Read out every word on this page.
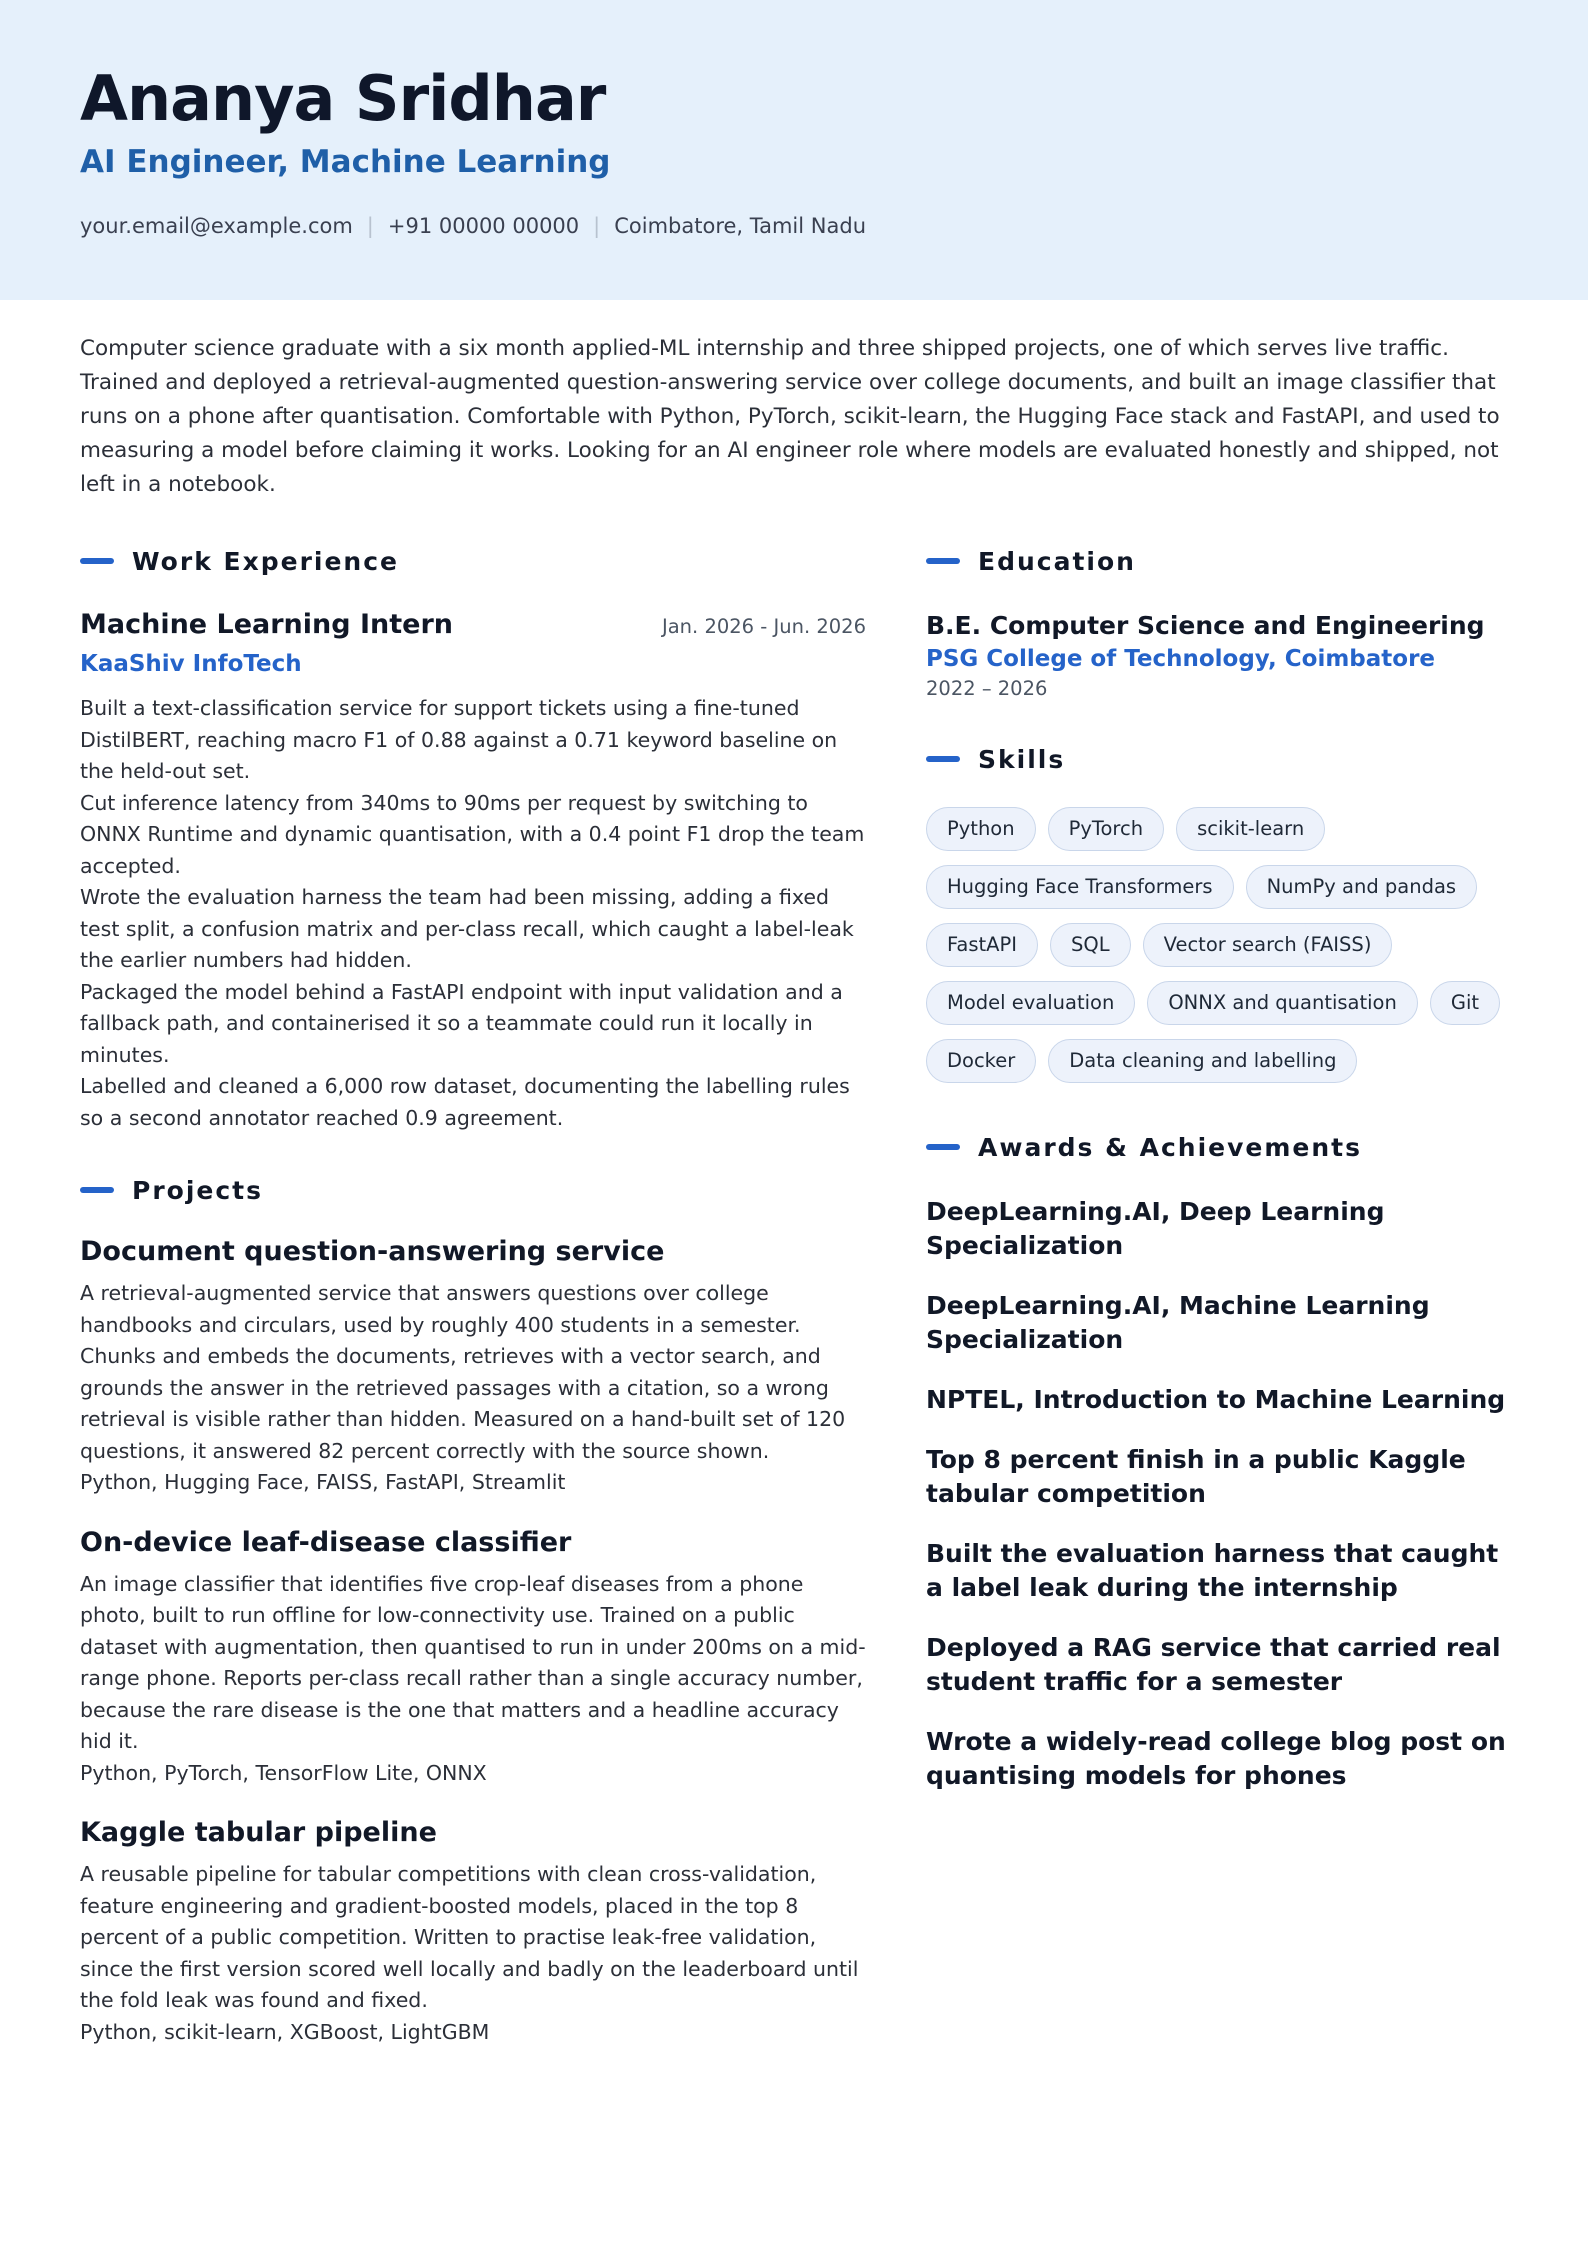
Ananya Sridhar
AI Engineer, Machine Learning
your.email@example.com | +91 00000 00000 | Coimbatore, Tamil Nadu

Computer science graduate with a six month applied-ML internship and three shipped projects, one of which serves live traffic. Trained and deployed a retrieval-augmented question-answering service over college documents, and built an image classifier that runs on a phone after quantisation. Comfortable with Python, PyTorch, scikit-learn, the Hugging Face stack and FastAPI, and used to measuring a model before claiming it works. Looking for an AI engineer role where models are evaluated honestly and shipped, not left in a notebook.

Work Experience
Machine Learning Intern	Jan. 2026 - Jun. 2026
KaaShiv InfoTech

Built a text-classification service for support tickets using a fine-tuned DistilBERT, reaching macro F1 of 0.88 against a 0.71 keyword baseline on the held-out set.

Cut inference latency from 340ms to 90ms per request by switching to ONNX Runtime and dynamic quantisation, with a 0.4 point F1 drop the team accepted.

Wrote the evaluation harness the team had been missing, adding a fixed test split, a confusion matrix and per-class recall, which caught a label-leak the earlier numbers had hidden.

Packaged the model behind a FastAPI endpoint with input validation and a fallback path, and containerised it so a teammate could run it locally in minutes.

Labelled and cleaned a 6,000 row dataset, documenting the labelling rules so a second annotator reached 0.9 agreement.

Projects
Document question-answering service

A retrieval-augmented service that answers questions over college handbooks and circulars, used by roughly 400 students in a semester. Chunks and embeds the documents, retrieves with a vector search, and grounds the answer in the retrieved passages with a citation, so a wrong retrieval is visible rather than hidden. Measured on a hand-built set of 120 questions, it answered 82 percent correctly with the source shown.

Python, Hugging Face, FAISS, FastAPI, Streamlit

On-device leaf-disease classifier

An image classifier that identifies five crop-leaf diseases from a phone photo, built to run offline for low-connectivity use. Trained on a public dataset with augmentation, then quantised to run in under 200ms on a mid-range phone. Reports per-class recall rather than a single accuracy number, because the rare disease is the one that matters and a headline accuracy hid it.

Python, PyTorch, TensorFlow Lite, ONNX

Kaggle tabular pipeline

A reusable pipeline for tabular competitions with clean cross-validation, feature engineering and gradient-boosted models, placed in the top 8 percent of a public competition. Written to practise leak-free validation, since the first version scored well locally and badly on the leaderboard until the fold leak was found and fixed.

Python, scikit-learn, XGBoost, LightGBM

Education
B.E. Computer Science and Engineering
PSG College of Technology, Coimbatore
2022 – 2026
Skills
Python	PyTorch	scikit-learn
Hugging Face Transformers	NumPy and pandas
FastAPI	SQL	Vector search (FAISS)
Model evaluation	ONNX and quantisation	Git
Docker	Data cleaning and labelling
Awards & Achievements

DeepLearning.AI, Deep Learning Specialization

DeepLearning.AI, Machine Learning Specialization

NPTEL, Introduction to Machine Learning

Top 8 percent finish in a public Kaggle tabular competition

Built the evaluation harness that caught a label leak during the internship

Deployed a RAG service that carried real student traffic for a semester

Wrote a widely-read college blog post on quantising models for phones
